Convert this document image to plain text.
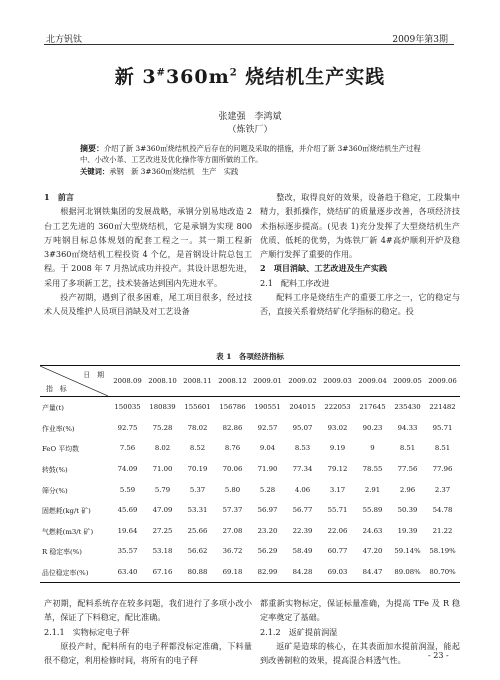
北方钒钛	2009年第3期
新 $3^{\#}360m^2$ 烧结机生产实践
张建强　李鸿斌
（炼铁厂）
摘要：介绍了新 3#360㎡烧结机投产后存在的问题及采取的措施，并介绍了新 3#360㎡烧结机生产过程中、小改小革、工艺改进及优化操作等方面所做的工作。
关键词：承钢　新 3#360㎡烧结机　生产　实践
1　前言

根据河北钢铁集团的发展战略，承钢分别易地改造 2 台工艺先进的 360㎡大型烧结机，它是承钢为实现 800 万吨钢目标总体规划的配套工程之一。其一期工程新 3#360㎡烧结机工程投资 4 个亿，是首钢设计院总包工程。于 2008 年 7 月热试成功并投产。其设计思想先进，采用了多项新工艺，技术装备达到国内先进水平。

投产初期，遇到了很多困难，尾工项目很多，经过技术人员及维护人员项目消缺及对工艺设备

整改，取得良好的效果，设备趋于稳定，工段集中精力，狠抓操作，烧结矿的质量逐步改善，各项经济技术指标逐步提高。(见表 1)充分发挥了大型烧结机生产优质、低耗的优势，为炼铁厂新 4#高炉顺利开炉及稳产顺行发挥了重要的作用。

2　项目消缺、工艺改进及生产实践
2.1　配料工序改进

配料工序是烧结生产的重要工序之一，它的稳定与否，直接关系着烧结矿化学指标的稳定。投

表 1　各项经济指标
日　期
指　标	2008.09	2008.10	2008.11	2008.12	2009.01	2009.02	2009.03	2009.04	2009.05	2009.06
产量(t)	150035	180839	155601	156786	190551	204015	222053	217645	235430	221482
作业率(%)	92.75	75.28	78.02	82.86	92.57	95.07	93.02	90.23	94.33	95.71
FeO 平均数	7.56	8.02	8.52	8.76	9.04	8.53	9.19	9	8.51	8.51
转鼓(%)	74.09	71.00	70.19	70.06	71.90	77.34	79.12	78.55	77.56	77.96
筛分(%)	5.59	5.79	5.37	5.80	5.28	4.06	3.17	2.91	2.96	2.37
固燃耗(kg/t 矿)	45.69	47.09	53.31	57.37	56.97	56.77	55.71	55.89	50.39	54.78
气燃耗(m3/t 矿)	19.64	27.25	25.66	27.08	23.20	22.39	22.06	24.63	19.39	21.22
R 稳定率(%)	35.57	53.18	56.62	36.72	56.29	58.49	60.77	47.20	59.14%	58.19%
品位稳定率(%)	63.40	67.16	80.88	69.18	82.99	84.28	69.03	84.47	89.08%	80.70%

产初期，配料系统存在较多问题，我们进行了多项小改小革，保证了下料稳定，配比准确。

2.1.1　实物标定电子秤

原投产时，配料所有的电子秤都没标定准确，下料量很不稳定，利用检修时间，将所有的电子秤

都重新实物标定，保证标量准确，为提高 TFe 及 R 稳定率奠定了基础。

2.1.2　返矿提前润湿

返矿是造球的核心，在其表面加水提前润湿，能起到改善制粒的效果，提高混合料透气性。	- 23 -
